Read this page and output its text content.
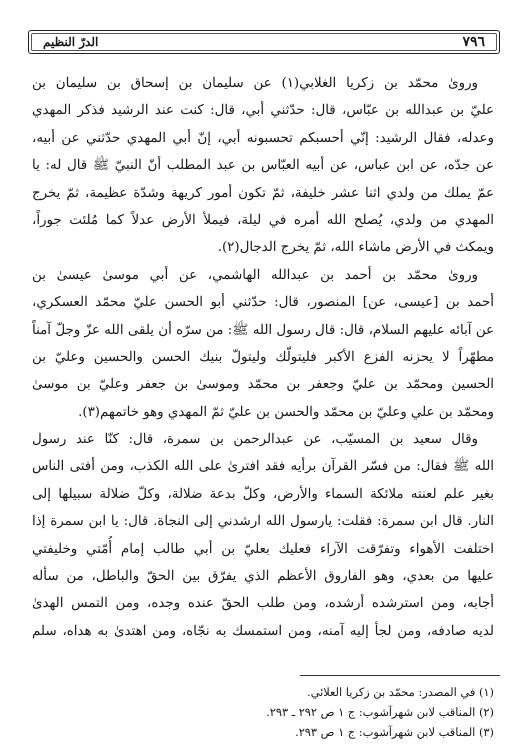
٧٩٦
الدرّ النظيم
ورویٰ محمّد بن زکریا الغلابي(١) عن سلیمان بن إسحاق بن سلیمان بن
عليّ بن عبدالله بن عبّاس، قال: حدّثني أبي، قال: كنت عند الرشید فذكر المهدي
وعدله، فقال الرشید: إنّي أحسبكم تحسبونه أبي، إنّ أبي المهدي حدّثني عن أبیه،
عن جدّه، عن ابن عباس، عن أبیه العبّاس بن عبد المطلب أنّ النبيّ ﷺ قال له: یا
عمّ یملك من ولدي اثنا عشر خلیفة، ثمّ تكون أمور كریهة وشدّة عظیمة، ثمّ یخرج
المهدي من ولدي، یُصلح الله أمره في لیلة، فیملأ الأرض عدلاً كما مُلئت جوراً،
ویمكث في الأرض ماشاء الله، ثمّ یخرج الدجال(٢).
ورویٰ محمّد بن أحمد بن عبدالله الهاشمي، عن أبي موسیٰ عیسیٰ بن
أحمد بن [عیسی، عن] المنصور، قال: حدّثني أبو الحسن عليّ محمّد العسكري،
عن آبائه علیهم السلام، قال: قال رسول الله ﷺ: من سرّه أن یلقی الله عزّ وجلّ آمناً
مطهّراً لا یحزنه الفزع الأكبر فلیتولّك ولیتولّ بنیك الحسن والحسین وعليّ بن
الحسین ومحمّد بن عليّ وجعفر بن محمّد وموسیٰ بن جعفر وعليّ بن موسیٰ
ومحمّد بن علي وعليّ بن محمّد والحسن بن عليّ ثمّ المهدي وهو خاتمهم(٣).
وقال سعید بن المسیّب، عن عبدالرحمن بن سمرة، قال: كنّا عند رسول
الله ﷺ فقال: من فسّر القرآن برأیه فقد افتریٰ علی الله الكذب، ومن أفتی الناس
بغیر علم لعنته ملائكة السماء والأرض، وكلّ بدعة ضلالة، وكلّ ضلالة سبیلها إلی
النار. قال ابن سمرة: فقلت: یارسول الله ارشدني إلی النجاة. قال: یا ابن سمرة إذا
اختلفت الأهواء وتفرّقت الآراء فعلیك بعليّ بن أبي طالب إمام أُمّتي وخلیفتي
علیها من بعدي، وهو الفاروق الأعظم الذي یفرّق بین الحقّ والباطل، من سأله
أجابه، ومن استرشده أرشده، ومن طلب الحقّ عنده وجده، ومن التمس الهدیٰ
لدیه صادفه، ومن لجأ إلیه آمنه، ومن استمسك به نجّاه، ومن اهتدیٰ به هداه، سلم
(١) في المصدر: محمّد بن زكریا العلائي.
(٢) المناقب لابن شهرآشوب: ج ١ ص ٢٩٢ ـ ٢٩٣.
(٣) المناقب لابن شهرآشوب: ج ١ ص ٢٩٣.
